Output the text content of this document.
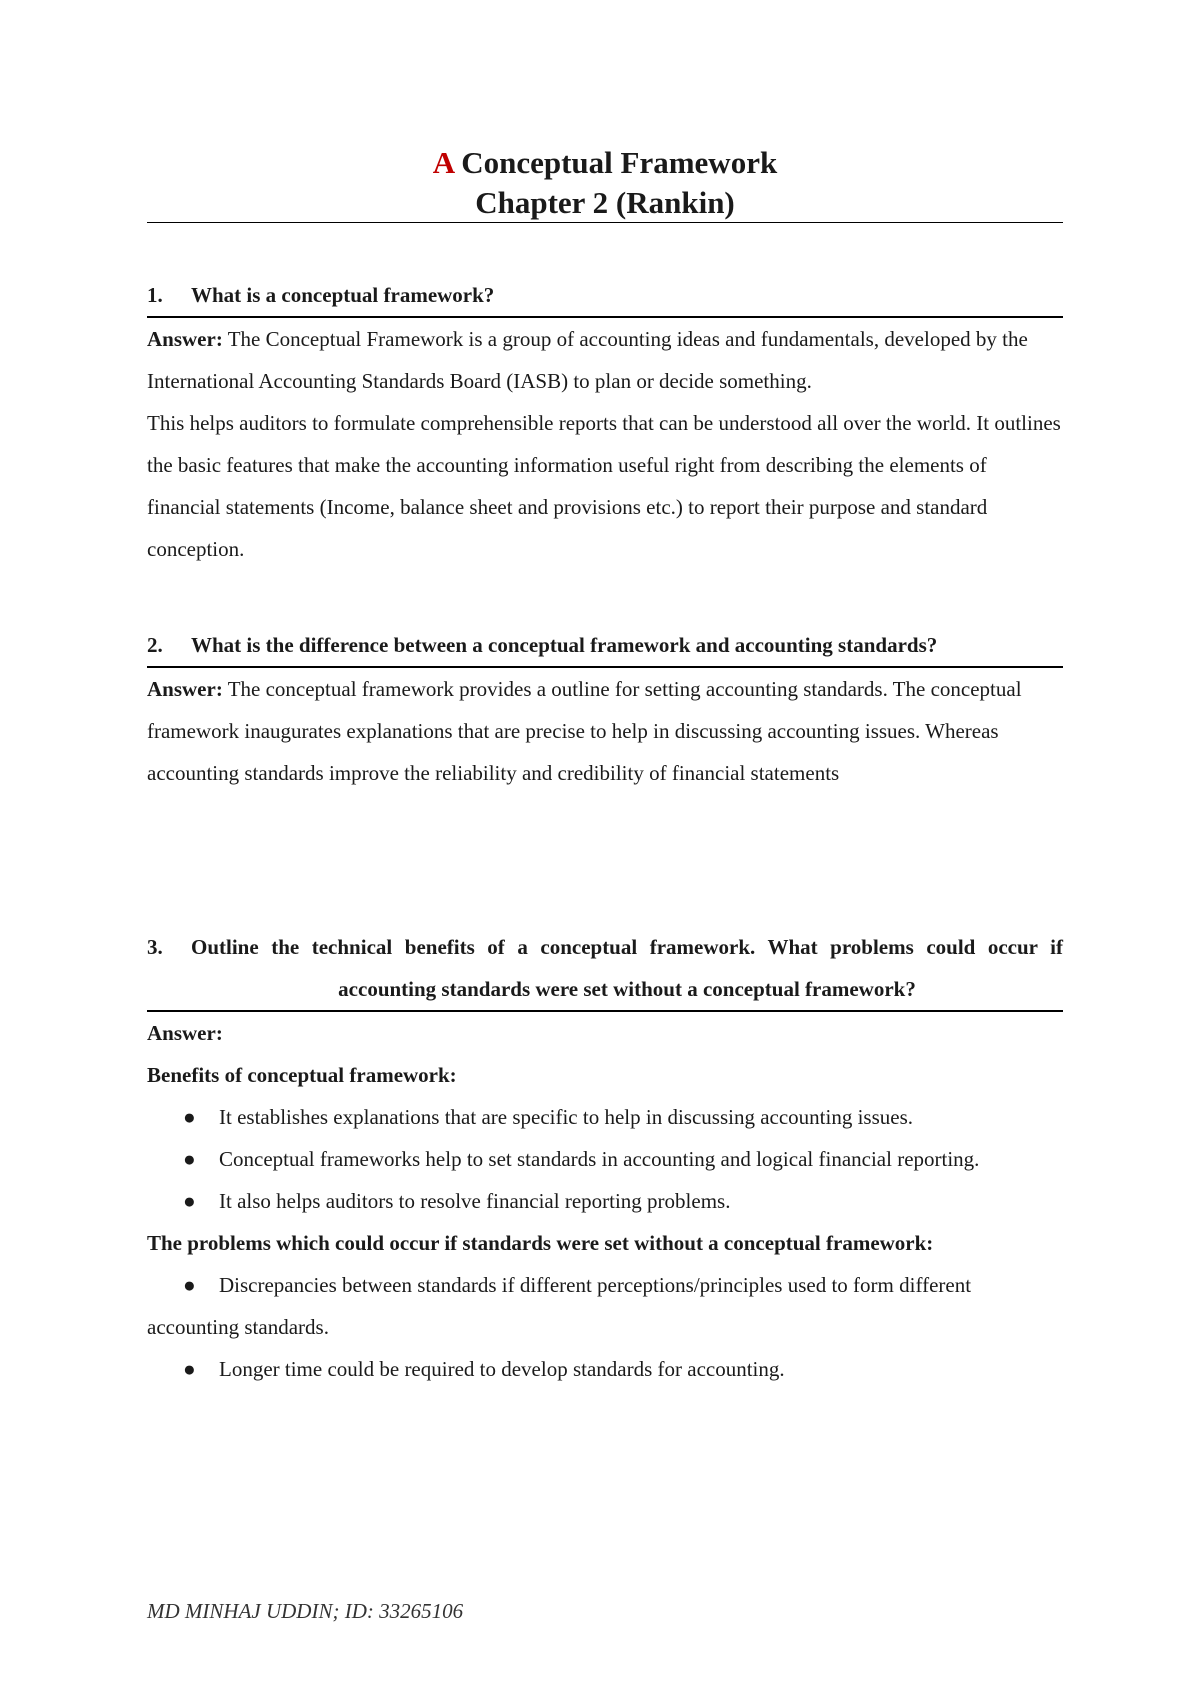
A Conceptual Framework
Chapter 2 (Rankin)
1.	What is a conceptual framework?

Answer: The Conceptual Framework is a group of accounting ideas and fundamentals, developed by the International Accounting Standards Board (IASB) to plan or decide something.

This helps auditors to formulate comprehensible reports that can be understood all over the world. It outlines the basic features that make the accounting information useful right from describing the elements of financial statements (Income, balance sheet and provisions etc.) to report their purpose and standard conception.

2.	What is the difference between a conceptual framework and accounting standards?

Answer: The conceptual framework provides a outline for setting accounting standards. The conceptual framework inaugurates explanations that are precise to help in discussing accounting issues. Whereas accounting standards improve the reliability and credibility of financial statements

3.	Outline the technical benefits of a conceptual framework. What problems could occur if accounting standards were set without a conceptual framework?

Answer:

Benefits of conceptual framework:

● It establishes explanations that are specific to help in discussing accounting issues.
● Conceptual frameworks help to set standards in accounting and logical financial reporting.
● It also helps auditors to resolve financial reporting problems.

The problems which could occur if standards were set without a conceptual framework:

● Discrepancies between standards if different perceptions/principles used to form different accounting standards.
● Longer time could be required to develop standards for accounting.
MD MINHAJ UDDIN; ID: 33265106
